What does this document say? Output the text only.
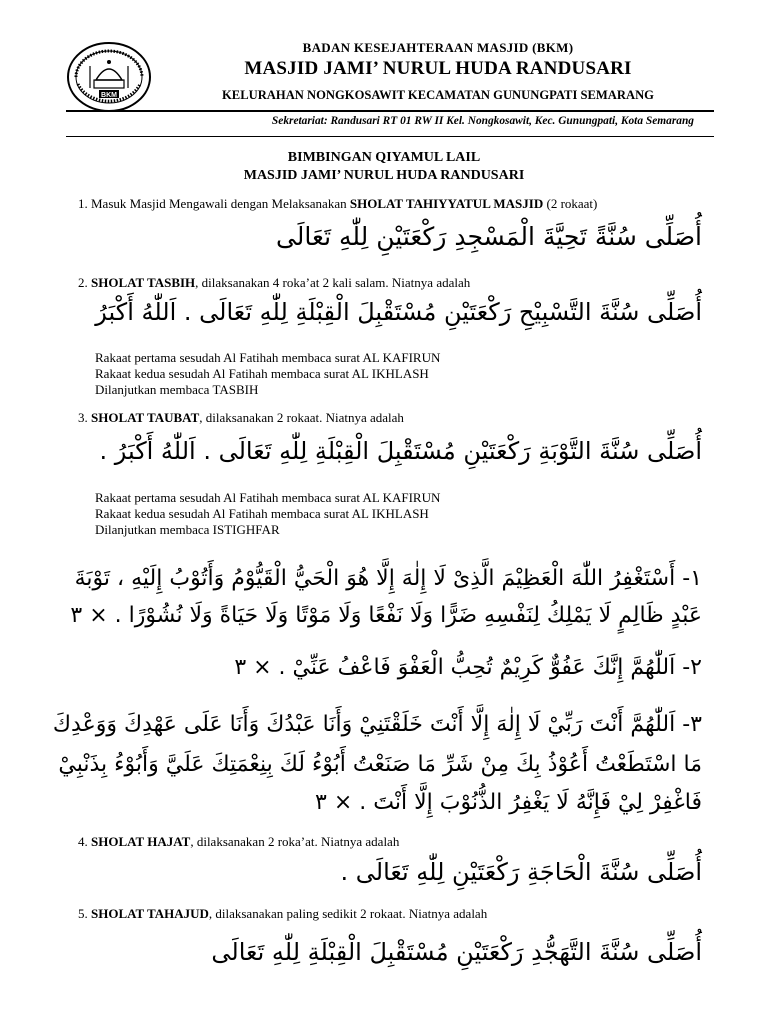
BKM
BADAN KESEJAHTERAAN MASJID (BKM)
MASJID JAMI’ NURUL HUDA RANDUSARI
KELURAHAN NONGKOSAWIT KECAMATAN GUNUNGPATI SEMARANG
Sekretariat: Randusari RT 01 RW II Kel. Nongkosawit, Kec. Gunungpati, Kota Semarang
BIMBINGAN QIYAMUL LAIL
MASJID JAMI’ NURUL HUDA RANDUSARI
1. Masuk Masjid Mengawali dengan Melaksanakan SHOLAT TAHIYYATUL MASJID (2 rokaat)
أُصَلِّى سُنَّةً تَحِيَّةَ الْمَسْجِدِ رَكْعَتَيْنِ لِلّٰهِ تَعَالَى
2. SHOLAT TASBIH, dilaksanakan 4 roka’at 2 kali salam. Niatnya adalah
أُصَلِّى سُنَّةَ التَّسْبِيْحِ رَكْعَتَيْنِ مُسْتَقْبِلَ الْقِبْلَةِ لِلّٰهِ تَعَالَى . اَللّٰهُ أَكْبَرُ
Rakaat pertama sesudah Al Fatihah membaca surat AL KAFIRUN
Rakaat kedua sesudah Al Fatihah membaca surat AL IKHLASH
Dilanjutkan membaca TASBIH
3. SHOLAT TAUBAT, dilaksanakan 2 rokaat. Niatnya adalah
أُصَلِّى سُنَّةَ التَّوْبَةِ رَكْعَتَيْنِ مُسْتَقْبِلَ الْقِبْلَةِ لِلّٰهِ تَعَالَى . اَللّٰهُ أَكْبَرُ .
Rakaat pertama sesudah Al Fatihah membaca surat AL KAFIRUN
Rakaat kedua sesudah Al Fatihah membaca surat AL IKHLASH
Dilanjutkan membaca ISTIGHFAR
١- أَسْتَغْفِرُ اللّٰهَ الْعَظِيْمَ الَّذِىْ لَا إِلٰهَ إِلَّا هُوَ الْحَيُّ الْقَيُّوْمُ وَأَتُوْبُ إِلَيْهِ ، تَوْبَةَ
عَبْدٍ ظَالِمٍ لَا يَمْلِكُ لِنَفْسِهِ ضَرًّا وَلَا نَفْعًا وَلَا مَوْتًا وَلَا حَيَاةً وَلَا نُشُوْرًا . × ٣
٢- اَللّٰهُمَّ إِنَّكَ عَفُوٌّ كَرِيْمٌ تُحِبُّ الْعَفْوَ فَاعْفُ عَنِّيْ . × ٣
٣- اَللّٰهُمَّ أَنْتَ رَبِّيْ لَا إِلٰهَ إِلَّا أَنْتَ خَلَقْتَنِيْ وَأَنَا عَبْدُكَ وَأَنَا عَلَى عَهْدِكَ وَوَعْدِكَ
مَا اسْتَطَعْتُ أَعُوْذُ بِكَ مِنْ شَرِّ مَا صَنَعْتُ أَبُوْءُ لَكَ بِنِعْمَتِكَ عَلَيَّ وَأَبُوْءُ بِذَنْبِيْ
فَاغْفِرْ لِيْ فَإِنَّهُ لَا يَغْفِرُ الذُّنُوْبَ إِلَّا أَنْتَ . × ٣
4. SHOLAT HAJAT, dilaksanakan 2 roka’at. Niatnya adalah
أُصَلِّى سُنَّةَ الْحَاجَةِ رَكْعَتَيْنِ لِلّٰهِ تَعَالَى .
5. SHOLAT TAHAJUD, dilaksanakan paling sedikit 2 rokaat. Niatnya adalah
أُصَلِّى سُنَّةَ التَّهَجُّدِ رَكْعَتَيْنِ مُسْتَقْبِلَ الْقِبْلَةِ لِلّٰهِ تَعَالَى
